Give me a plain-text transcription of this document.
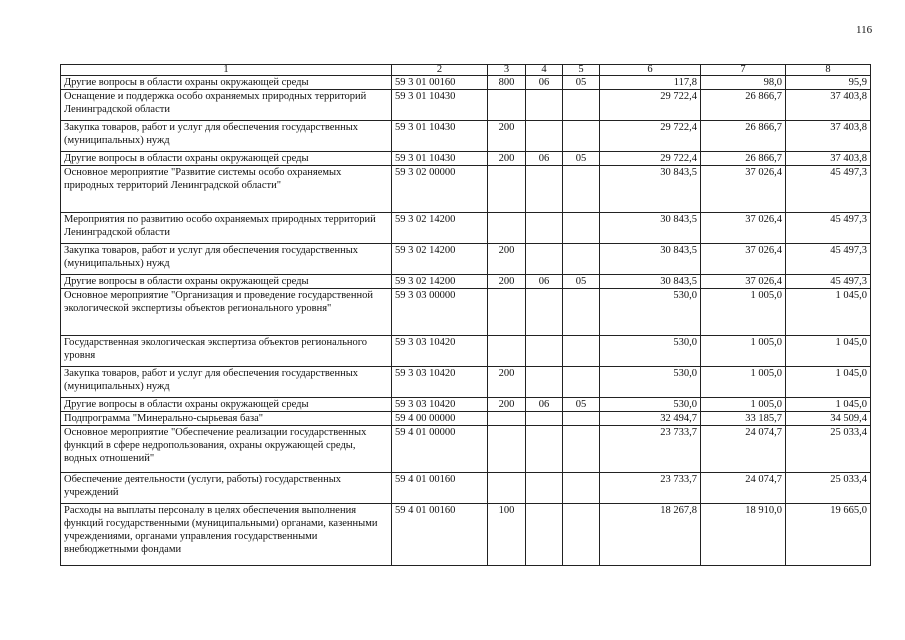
116
1	2	3	4	5	6	7	8
Другие вопросы в области охраны окружающей среды	59 3 01 00160	800	06	05	117,8	98,0	95,9
Оснащение и поддержка особо охраняемых природных территорий Ленинградской области	59 3 01 10430				29 722,4	26 866,7	37 403,8
Закупка товаров, работ и услуг для обеспечения государственных (муниципальных) нужд	59 3 01 10430	200			29 722,4	26 866,7	37 403,8
Другие вопросы в области охраны окружающей среды	59 3 01 10430	200	06	05	29 722,4	26 866,7	37 403,8
Основное мероприятие "Развитие системы особо охраняемых природных территорий Ленинградской области"	59 3 02 00000				30 843,5	37 026,4	45 497,3
Мероприятия по развитию особо охраняемых природных территорий Ленинградской области	59 3 02 14200				30 843,5	37 026,4	45 497,3
Закупка товаров, работ и услуг для обеспечения государственных (муниципальных) нужд	59 3 02 14200	200			30 843,5	37 026,4	45 497,3
Другие вопросы в области охраны окружающей среды	59 3 02 14200	200	06	05	30 843,5	37 026,4	45 497,3
Основное мероприятие "Организация и проведение государственной экологической экспертизы объектов регионального уровня"	59 3 03 00000				530,0	1 005,0	1 045,0
Государственная экологическая экспертиза объектов регионального уровня	59 3 03 10420				530,0	1 005,0	1 045,0
Закупка товаров, работ и услуг для обеспечения государственных (муниципальных) нужд	59 3 03 10420	200			530,0	1 005,0	1 045,0
Другие вопросы в области охраны окружающей среды	59 3 03 10420	200	06	05	530,0	1 005,0	1 045,0
Подпрограмма "Минерально-сырьевая база"	59 4 00 00000				32 494,7	33 185,7	34 509,4
Основное мероприятие "Обеспечение реализации государственных функций в сфере недропользования, охраны окружающей среды, водных отношений"	59 4 01 00000				23 733,7	24 074,7	25 033,4
Обеспечение деятельности (услуги, работы) государственных учреждений	59 4 01 00160				23 733,7	24 074,7	25 033,4
Расходы на выплаты персоналу в целях обеспечения выполнения функций государственными (муниципальными) органами, казенными учреждениями, органами управления государственными внебюджетными фондами	59 4 01 00160	100			18 267,8	18 910,0	19 665,0
